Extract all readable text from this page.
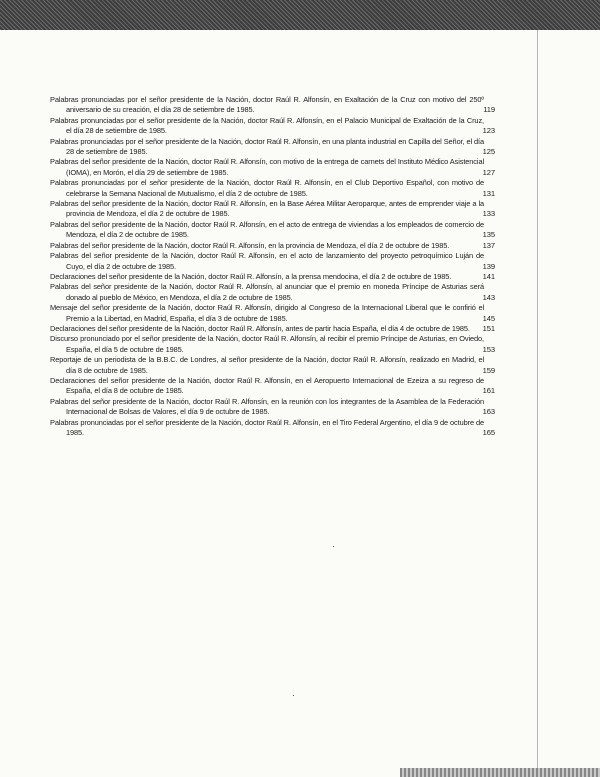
Palabras pronunciadas por el señor presidente de la Nación, doctor Raúl R. Alfonsín, en Exaltación de la Cruz con motivo del 250º aniversario de su creación, el día 28 de setiembre de 1985.	119
Palabras pronunciadas por el señor presidente de la Nación, doctor Raúl R. Alfonsín, en el Palacio Municipal de Exaltación de la Cruz, el día 28 de setiembre de 1985.	123
Palabras pronunciadas por el señor presidente de la Nación, doctor Raúl R. Alfonsín, en una planta industrial en Capilla del Señor, el día 28 de setiembre de 1985.	125
Palabras del señor presidente de la Nación, doctor Raúl R. Alfonsín, con motivo de la entrega de carnets del Instituto Médico Asistencial (IOMA), en Morón, el día 29 de setiembre de 1985.	127
Palabras pronunciadas por el señor presidente de la Nación, doctor Raúl R. Alfonsín, en el Club Deportivo Español, con motivo de celebrarse la Semana Nacional de Mutualismo, el día 2 de octubre de 1985.	131
Palabras del señor presidente de la Nación, doctor Raúl R. Alfonsín, en la Base Aérea Militar Aeroparque, antes de emprender viaje a la provincia de Mendoza, el día 2 de octubre de 1985.	133
Palabras del señor presidente de la Nación, doctor Raúl R. Alfonsín, en el acto de entrega de viviendas a los empleados de comercio de Mendoza, el día 2 de octubre de 1985.	135
Palabras del señor presidente de la Nación, doctor Raúl R. Alfonsín, en la provincia de Mendoza, el día 2 de octubre de 1985.	137
Palabras del señor presidente de la Nación, doctor Raúl R. Alfonsín, en el acto de lanzamiento del proyecto petroquímico Luján de Cuyo, el día 2 de octubre de 1985.	139
Declaraciones del señor presidente de la Nación, doctor Raúl R. Alfonsín, a la prensa mendocina, el día 2 de octubre de 1985.	141
Palabras del señor presidente de la Nación, doctor Raúl R. Alfonsín, al anunciar que el premio en moneda Príncipe de Asturias será donado al pueblo de México, en Mendoza, el día 2 de octubre de 1985.	143
Mensaje del señor presidente de la Nación, doctor Raúl R. Alfonsín, dirigido al Congreso de la Internacional Liberal que le confirió el Premio a la Libertad, en Madrid, España, el día 3 de octubre de 1985.	145
Declaraciones del señor presidente de la Nación, doctor Raúl R. Alfonsín, antes de partir hacia España, el día 4 de octubre de 1985.	151
Discurso pronunciado por el señor presidente de la Nación, doctor Raúl R. Alfonsín, al recibir el premio Príncipe de Asturias, en Oviedo, España, el día 5 de octubre de 1985.	153
Reportaje de un periodista de la B.B.C. de Londres, al señor presidente de la Nación, doctor Raúl R. Alfonsín, realizado en Madrid, el día 8 de octubre de 1985.	159
Declaraciones del señor presidente de la Nación, doctor Raúl R. Alfonsín, en el Aeropuerto Internacional de Ezeiza a su regreso de España, el día 8 de octubre de 1985.	161
Palabras del señor presidente de la Nación, doctor Raúl R. Alfonsín, en la reunión con los integrantes de la Asamblea de la Federación Internacional de Bolsas de Valores, el día 9 de octubre de 1985.	163
Palabras pronunciadas por el señor presidente de la Nación, doctor Raúl R. Alfonsín, en el Tiro Federal Argentino, el día 9 de octubre de 1985.	165
